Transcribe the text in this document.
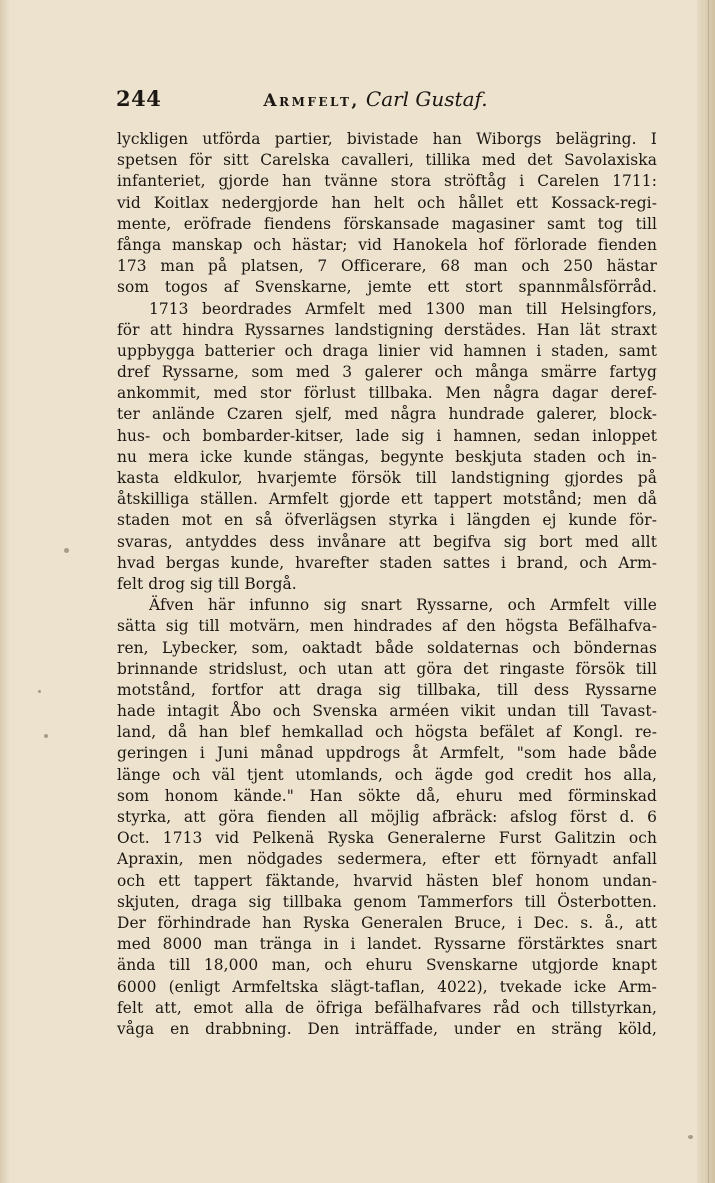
244	Armfelt, Carl Gustaf.
lyckligen utförda partier, bivistade han Wiborgs belägring. I
spetsen för sitt Carelska cavalleri, tillika med det Savolaxiska
infanteriet, gjorde han tvänne stora ströftåg i Carelen 1711:
vid Koitlax nedergjorde han helt och hållet ett Kossack-regi-
mente, eröfrade fiendens förskansade magasiner samt tog till
fånga manskap och hästar; vid Hanokela hof förlorade fienden
173 man på platsen, 7 Officerare, 68 man och 250 hästar
som togos af Svenskarne, jemte ett stort spannmålsförråd.
1713 beordrades Armfelt med 1300 man till Helsingfors,
för att hindra Ryssarnes landstigning derstädes. Han lät straxt
uppbygga batterier och draga linier vid hamnen i staden, samt
dref Ryssarne, som med 3 galerer och många smärre fartyg
ankommit, med stor förlust tillbaka. Men några dagar deref-
ter anlände Czaren sjelf, med några hundrade galerer, block-
hus- och bombarder-kitser, lade sig i hamnen, sedan inloppet
nu mera icke kunde stängas, begynte beskjuta staden och in-
kasta eldkulor, hvarjemte försök till landstigning gjordes på
åtskilliga ställen. Armfelt gjorde ett tappert motstånd; men då
staden mot en så öfverlägsen styrka i längden ej kunde för-
svaras, antyddes dess invånare att begifva sig bort med allt
hvad bergas kunde, hvarefter staden sattes i brand, och Arm-
felt drog sig till Borgå.
Äfven här infunno sig snart Ryssarne, och Armfelt ville
sätta sig till motvärn, men hindrades af den högsta Befälhafva-
ren, Lybecker, som, oaktadt både soldaternas och böndernas
brinnande stridslust, och utan att göra det ringaste försök till
motstånd, fortfor att draga sig tillbaka, till dess Ryssarne
hade intagit Åbo och Svenska arméen vikit undan till Tavast-
land, då han blef hemkallad och högsta befälet af Kongl. re-
geringen i Juni månad uppdrogs åt Armfelt, "som hade både
länge och väl tjent utomlands, och ägde god credit hos alla,
som honom kände." Han sökte då, ehuru med förminskad
styrka, att göra fienden all möjlig afbräck: afslog först d. 6
Oct. 1713 vid Pelkenä Ryska Generalerne Furst Galitzin och
Apraxin, men nödgades sedermera, efter ett förnyadt anfall
och ett tappert fäktande, hvarvid hästen blef honom undan-
skjuten, draga sig tillbaka genom Tammerfors till Österbotten.
Der förhindrade han Ryska Generalen Bruce, i Dec. s. å., att
med 8000 man tränga in i landet. Ryssarne förstärktes snart
ända till 18,000 man, och ehuru Svenskarne utgjorde knapt
6000 (enligt Armfeltska slägt-taflan, 4022), tvekade icke Arm-
felt att, emot alla de öfriga befälhafvares råd och tillstyrkan,
våga en drabbning. Den inträffade, under en sträng köld,
